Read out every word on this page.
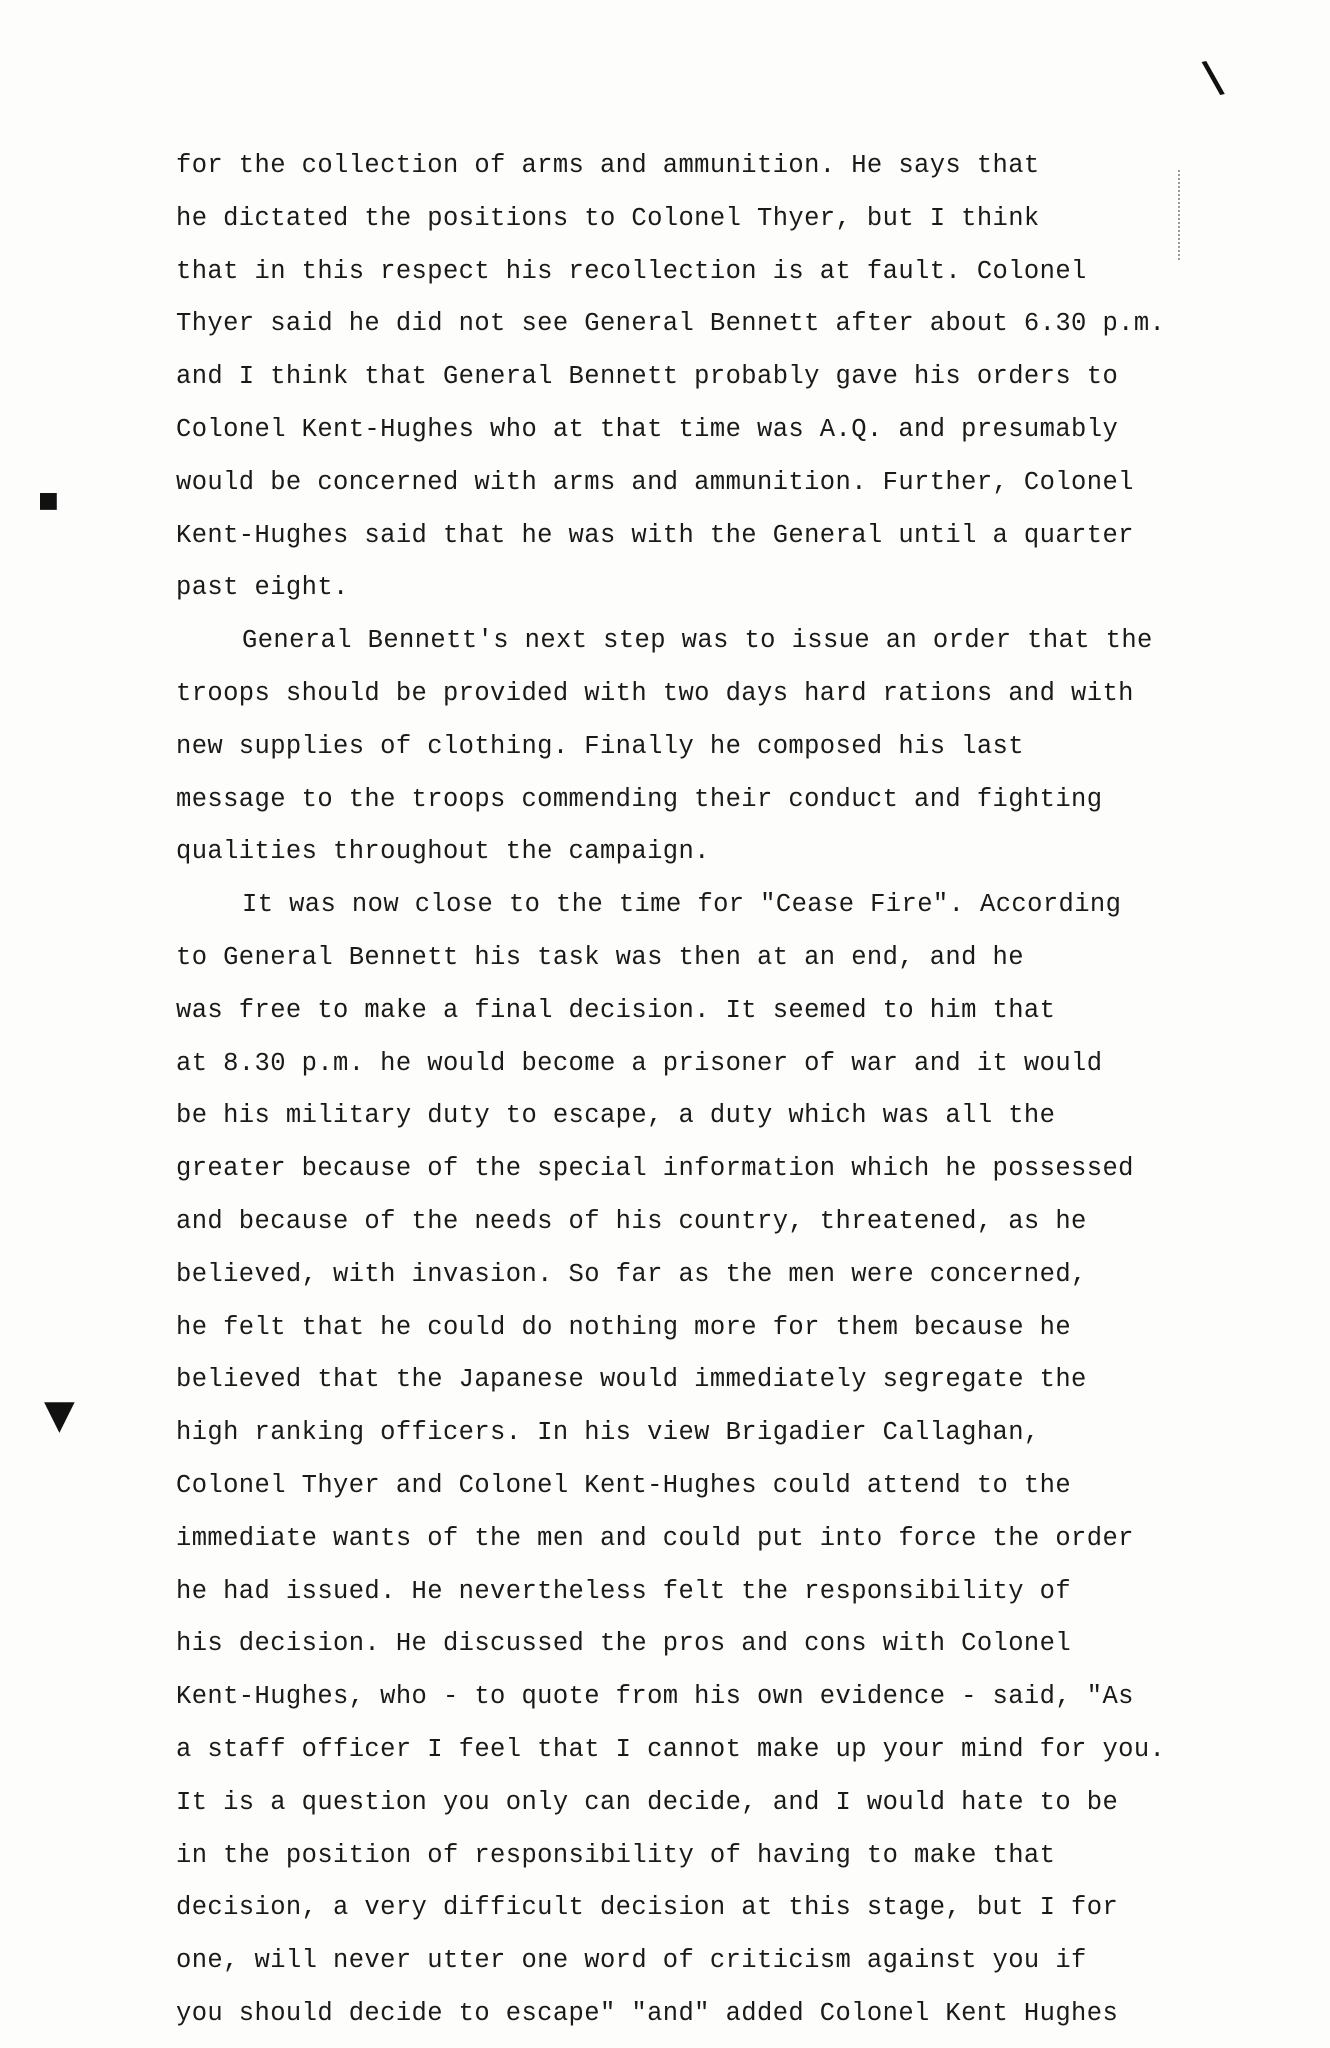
\
■
▼
for the collection of arms and ammunition. He says that
he dictated the positions to Colonel Thyer, but I think
that in this respect his recollection is at fault. Colonel
Thyer said he did not see General Bennett after about 6.30 p.m.
and I think that General Bennett probably gave his orders to
Colonel Kent-Hughes who at that time was A.Q. and presumably
would be concerned with arms and ammunition. Further, Colonel
Kent-Hughes said that he was with the General until a quarter
past eight.
General Bennett's next step was to issue an order that the
troops should be provided with two days hard rations and with
new supplies of clothing. Finally he composed his last
message to the troops commending their conduct and fighting
qualities throughout the campaign.
It was now close to the time for "Cease Fire". According
to General Bennett his task was then at an end, and he
was free to make a final decision. It seemed to him that
at 8.30 p.m. he would become a prisoner of war and it would
be his military duty to escape, a duty which was all the
greater because of the special information which he possessed
and because of the needs of his country, threatened, as he
believed, with invasion. So far as the men were concerned,
he felt that he could do nothing more for them because he
believed that the Japanese would immediately segregate the
high ranking officers. In his view Brigadier Callaghan,
Colonel Thyer and Colonel Kent-Hughes could attend to the
immediate wants of the men and could put into force the order
he had issued. He nevertheless felt the responsibility of
his decision. He discussed the pros and cons with Colonel
Kent-Hughes, who - to quote from his own evidence - said, "As
a staff officer I feel that I cannot make up your mind for you.
It is a question you only can decide, and I would hate to be
in the position of responsibility of having to make that
decision, a very difficult decision at this stage, but I for
one, will never utter one word of criticism against you if
you should decide to escape" "and" added Colonel Kent Hughes
